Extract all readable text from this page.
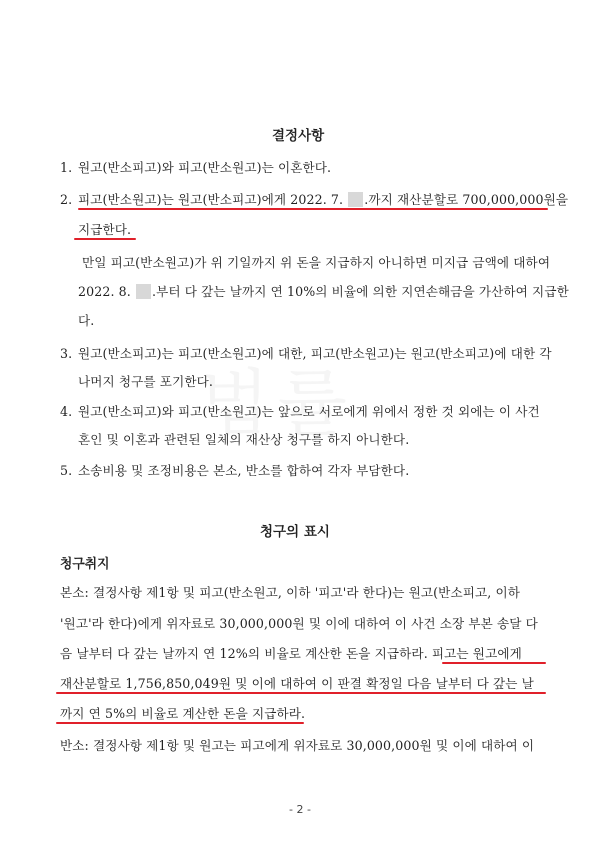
결정사항
1. 원고(반소피고)와 피고(반소원고)는 이혼한다.
2. 피고(반소원고)는 원고(반소피고)에게 2022. 7. .까지 재산분할로 700,000,000원을
지급한다.
만일 피고(반소원고)가 위 기일까지 위 돈을 지급하지 아니하면 미지급 금액에 대하여
2022. 8. .부터 다 갚는 날까지 연 10%의 비율에 의한 지연손해금을 가산하여 지급한
다.
3. 원고(반소피고)는 피고(반소원고)에 대한, 피고(반소원고)는 원고(반소피고)에 대한 각
나머지 청구를 포기한다.
4. 원고(반소피고)와 피고(반소원고)는 앞으로 서로에게 위에서 정한 것 외에는 이 사건
혼인 및 이혼과 관련된 일체의 재산상 청구를 하지 아니한다.
5. 소송비용 및 조정비용은 본소, 반소를 합하여 각자 부담한다.
청구의 표시
청구취지
본소: 결정사항 제1항 및 피고(반소원고, 이하 '피고'라 한다)는 원고(반소피고, 이하
'원고'라 한다)에게 위자료로 30,000,000원 및 이에 대하여 이 사건 소장 부본 송달 다
음 날부터 다 갚는 날까지 연 12%의 비율로 계산한 돈을 지급하라. 피고는 원고에게
재산분할로 1,756,850,049원 및 이에 대하여 이 판결 확정일 다음 날부터 다 갚는 날
까지 연 5%의 비율로 계산한 돈을 지급하라.
반소: 결정사항 제1항 및 원고는 피고에게 위자료로 30,000,000원 및 이에 대하여 이
- 2 -
